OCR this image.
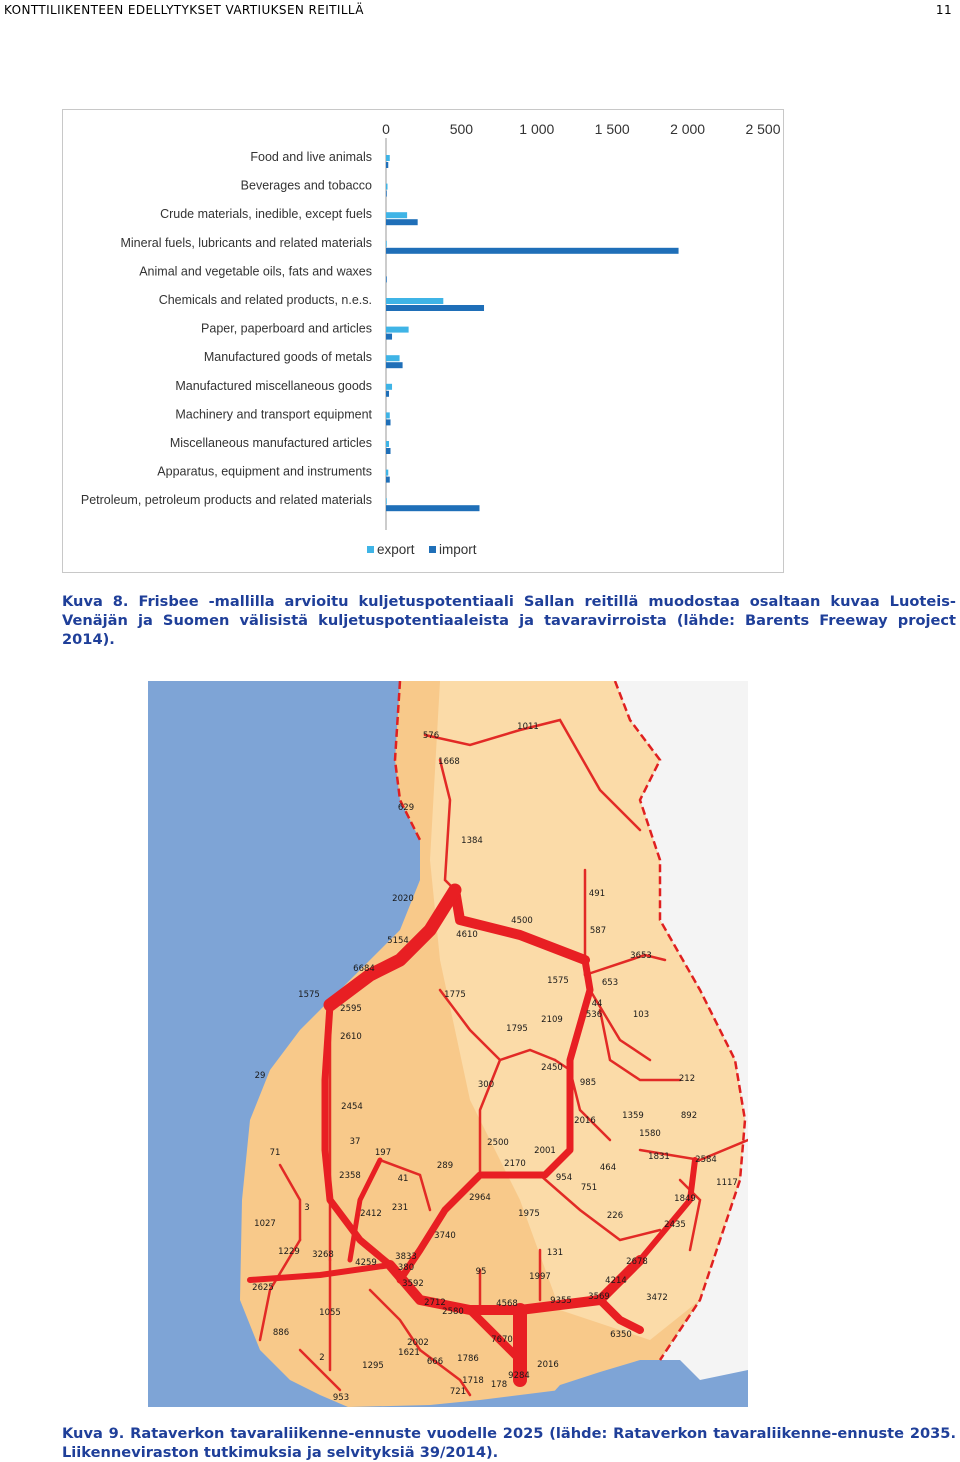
KONTTILIIKENTEEN EDELLYTYKSET VARTIUKSEN REITILLÄ	11
0	500	1 000	1 500	2 000	2 500
Food and live animals
Beverages and tobacco
Crude materials, inedible, except fuels
Mineral fuels, lubricants and related materials
Animal and vegetable oils, fats and waxes
Chemicals and related products, n.e.s.
Paper, paperboard and articles
Manufactured goods of metals
Manufactured miscellaneous goods
Machinery and transport equipment
Miscellaneous manufactured articles
Apparatus, equipment and instruments
Petroleum, petroleum products and related materials
export import

Kuva 8. Frisbee -mallilla arvioitu kuljetuspotentiaali Sallan reitillä muodostaa osaltaan kuvaa Luoteis-Venäjän ja Suomen välisistä kuljetuspotentiaaleista ja tavaravirroista (lähde: Barents Freeway project 2014).

576
1011
1668
629
1384
491
2020
4500
587
5154
4610
3653
6684
1575	653
1575	1775
44
2595
536	103
2109
1795
2610
2450
29	212
300	985
2454
1359	892
2016
1580
37	2500
71	197	2001
1831	2584
289	2170	464
2358	41	954	1117
751
2964	1849
3	231
2412	1975	226
1027	2435
3740
1229 3268	3833	131
4259 380
2678
95	1997	4214
3592
2625
3569	3472
2712	4568	9355
2580
1055
886	6350
7670
2002
1621
2	1786
666	2016
1295
9284
1718 178
721
953

Kuva 9. Rataverkon tavaraliikenne-ennuste vuodelle 2025 (lähde: Rataverkon tavaraliikenne-ennuste 2035. Liikenneviraston tutkimuksia ja selvityksiä 39/2014).
